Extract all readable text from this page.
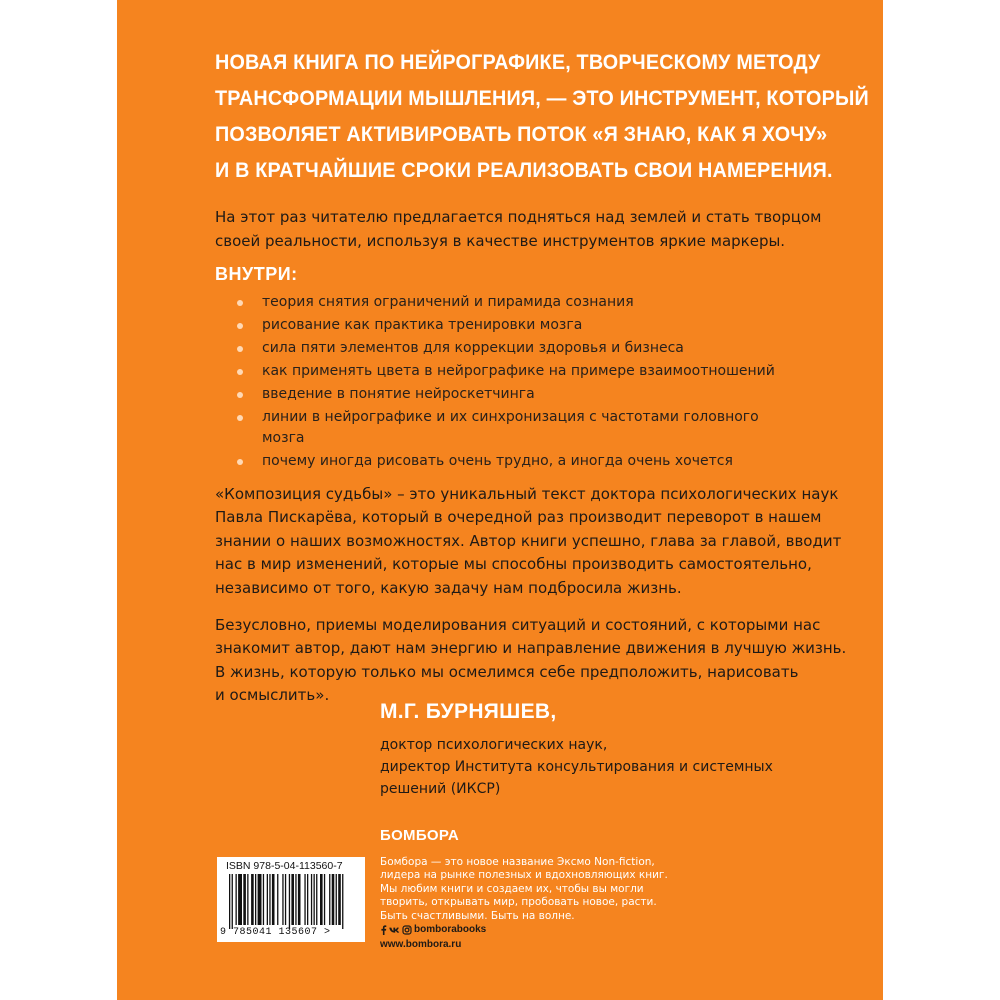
НОВАЯ КНИГА ПО НЕЙРОГРАФИКЕ, ТВОРЧЕСКОМУ МЕТОДУ
ТРАНСФОРМАЦИИ МЫШЛЕНИЯ, — ЭТО ИНСТРУМЕНТ, КОТОРЫЙ
ПОЗВОЛЯЕТ АКТИВИРОВАТЬ ПОТОК «Я ЗНАЮ, КАК Я ХОЧУ»
И В КРАТЧАЙШИЕ СРОКИ РЕАЛИЗОВАТЬ СВОИ НАМЕРЕНИЯ.
На этот раз читателю предлагается подняться над землей и стать творцом
своей реальности, используя в качестве инструментов яркие маркеры.
ВНУТРИ:
теория снятия ограничений и пирамида сознания
рисование как практика тренировки мозга
сила пяти элементов для коррекции здоровья и бизнеса
как применять цвета в нейрографике на примере взаимоотношений
введение в понятие нейроскетчинга
линии в нейрографике и их синхронизация с частотами головного мозга
почему иногда рисовать очень трудно, а иногда очень хочется

«Композиция судьбы» – это уникальный текст доктора психологических наук
Павла Пискарёва, который в очередной раз производит переворот в нашем
знании о наших возможностях. Автор книги успешно, глава за главой, вводит
нас в мир изменений, которые мы способны производить самостоятельно,
независимо от того, какую задачу нам подбросила жизнь.

Безусловно, приемы моделирования ситуаций и состояний, с которыми нас
знакомит автор, дают нам энергию и направление движения в лучшую жизнь.
В жизнь, которую только мы осмелимся себе предположить, нарисовать
и осмыслить».

М.Г. БУРНЯШЕВ,
доктор психологических наук,
директор Института консультирования и системных
решений (ИКСР)
ISBN 978-5-04-113560-7
9 785041 135607 >
БОМБОРА
Бомбора — это новое название Эксмо Non-fiction,
лидера на рынке полезных и вдохновляющих книг.
Мы любим книги и создаем их, чтобы вы могли
творить, открывать мир, пробовать новое, расти.
Быть счастливыми. Быть на волне.
bomborabooks
www.bombora.ru
